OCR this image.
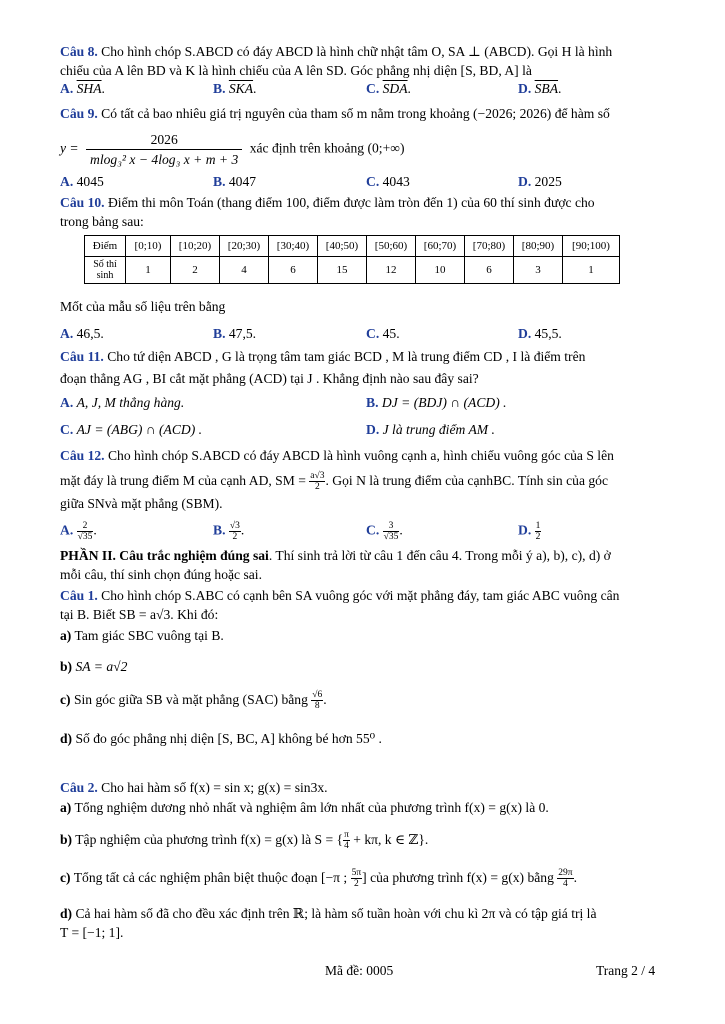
Câu 8. Cho hình chóp S.ABCD có đáy ABCD là hình chữ nhật tâm O, SA ⊥ (ABCD). Gọi H là hình
chiếu của A lên BD và K là hình chiếu của A lên SD. Góc phẳng nhị diện [S, BD, A] là
A. $\overline{SHA}$.	B. $\overline{SKA}$.	C. $\overline{SDA}$.	D. $\overline{SBA}$.
Câu 9. Có tất cả bao nhiêu giá trị nguyên của tham số m nằm trong khoảng (−2026; 2026) để hàm số
$y = \frac{2026}{\text{mlog₃² x − 4log₃ x + m + 3}}$ xác định trên khoảng (0;+∞)
A. 4045	B. 4047	C. 4043	D. 2025
Câu 10. Điểm thi môn Toán (thang điểm 100, điểm được làm tròn đến 1) của 60 thí sinh được cho
trong bảng sau:
Điểm	[0;10)	[10;20)	[20;30)	[30;40)	[40;50)	[50;60)	[60;70)	[70;80)	[80;90)	[90;100)
Số thí sinh	1	2	4	6	15	12	10	6	3	1
Mốt của mẫu số liệu trên bằng
A. 46,5.	B. 47,5.	C. 45.	D. 45,5.
Câu 11. Cho tứ diện ABCD , G là trọng tâm tam giác BCD , M là trung điểm CD , I là điểm trên
đoạn thẳng AG , BI cắt mặt phẳng (ACD) tại J . Khẳng định nào sau đây sai?
A. A, J, M thẳng hàng.	B. DJ = (BDJ) ∩ (ACD) .
C. AJ = (ABG) ∩ (ACD) .	D. J là trung điểm AM .
Câu 12. Cho hình chóp S.ABCD có đáy ABCD là hình vuông cạnh a, hình chiếu vuông góc của S lên
mặt đáy là trung điểm M của cạnh AD, SM = $\frac{a√3}{2}$ . Gọi N là trung điểm của cạnhBC. Tính sin của góc
giữa SNvà mặt phẳng (SBM).
A. $\frac{2}{√35}$ .	B. $\frac{√3}{2}$ .	C. $\frac{3}{√35}$ .	D. $\frac{1}{2}$
PHẦN II. Câu trắc nghiệm đúng sai. Thí sinh trả lời từ câu 1 đến câu 4. Trong mỗi ý a), b), c), d) ở
mỗi câu, thí sinh chọn đúng hoặc sai.
Câu 1. Cho hình chóp S.ABC có cạnh bên SA vuông góc với mặt phẳng đáy, tam giác ABC vuông cân
tại B. Biết SB = a√3. Khi đó:
a) Tam giác SBC vuông tại B.
b) SA = a√2
c) Sin góc giữa SB và mặt phẳng (SAC) bằng $\frac{√6}{8}$ .
d) Số đo góc phẳng nhị diện [S, BC, A] không bé hơn 55⁰ .
Câu 2. Cho hai hàm số f(x) = sin x; g(x) = sin3x.
a) Tổng nghiệm dương nhỏ nhất và nghiệm âm lớn nhất của phương trình f(x) = g(x) là 0.
b) Tập nghiệm của phương trình f(x) = g(x) là S = { $\frac{\pi}{4} + k\pi$, k ∈ ℤ}.
c) Tổng tất cả các nghiệm phân biệt thuộc đoạn [−π ; $\frac{5\pi}{2}$ ] của phương trình f(x) = g(x) bằng $\frac{29\pi}{4}$ .
d) Cả hai hàm số đã cho đều xác định trên ℝ; là hàm số tuần hoàn với chu kì 2π và có tập giá trị là
T = [−1; 1].
Mã đề: 0005	Trang 2 / 4
